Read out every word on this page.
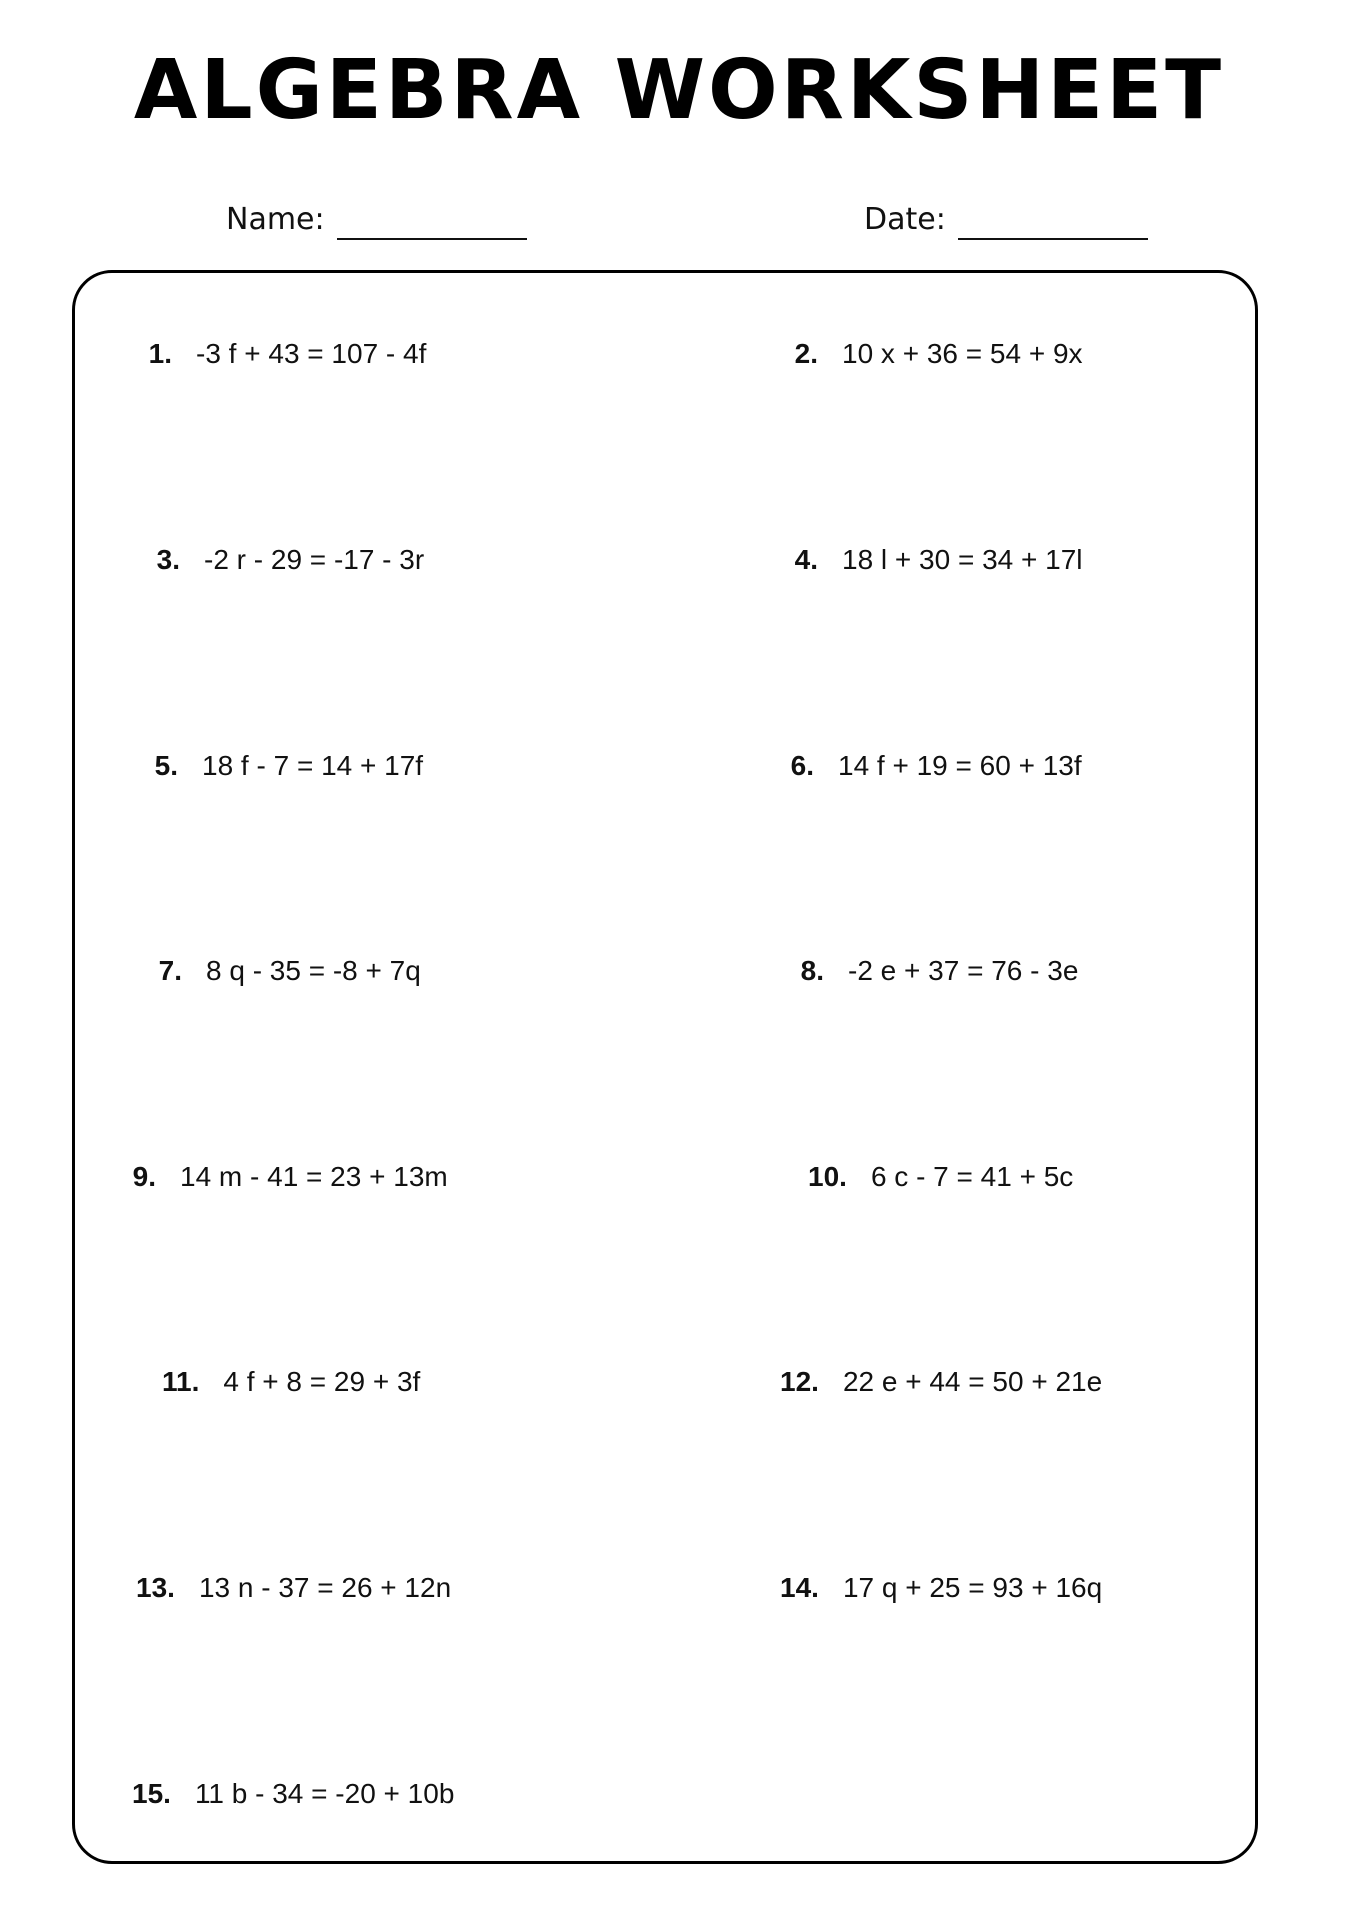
ALGEBRA WORKSHEET
Name:	Date:
1. -3 f + 43 = 107 - 4f
3. -2 r - 29 = -17 - 3r
5. 18 f - 7 = 14 + 17f
7. 8 q - 35 = -8 + 7q
9. 14 m - 41 = 23 + 13m
11. 4 f + 8 = 29 + 3f
13. 13 n - 37 = 26 + 12n
15. 11 b - 34 = -20 + 10b
2. 10 x + 36 = 54 + 9x
4. 18 l + 30 = 34 + 17l
6. 14 f + 19 = 60 + 13f
8. -2 e + 37 = 76 - 3e
10. 6 c - 7 = 41 + 5c
12. 22 e + 44 = 50 + 21e
14. 17 q + 25 = 93 + 16q
